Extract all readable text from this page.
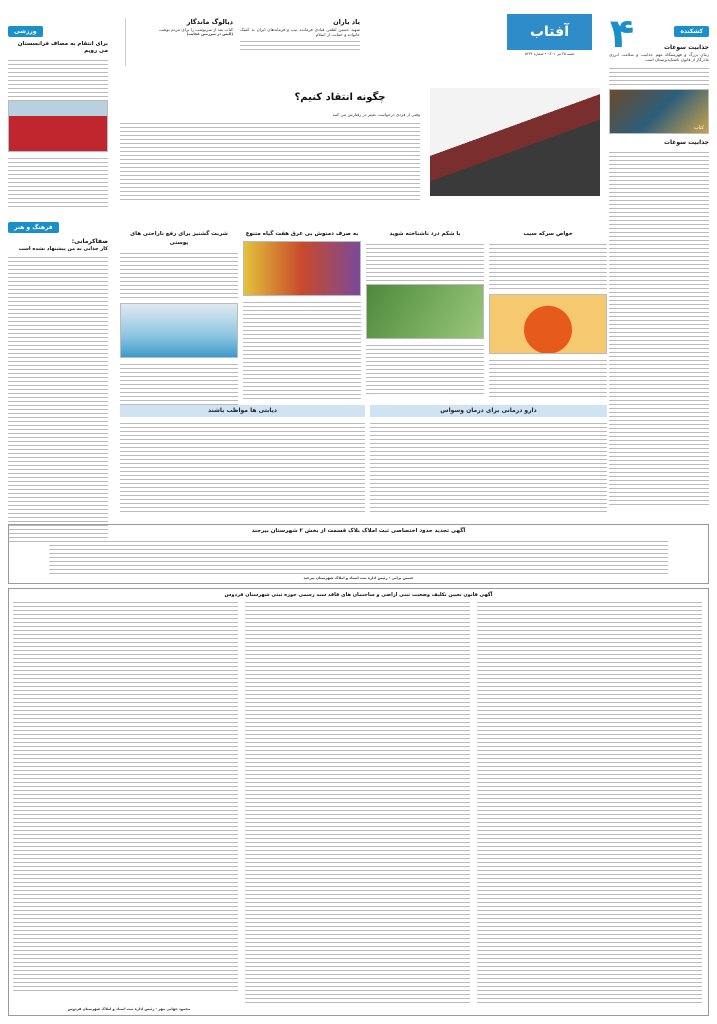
آفتاب خراسان
۴
شنبه ۲۵ تیر ۱۴۰۱ • شماره ۵۲۳۴
کشکنده
جذابیت سوغات
زمان بزرگ و فهرستگاه مهم جذابیت و سلامت انرژی مادرگار از قانون ناشناپذیرستان است
کتاب
جذابیت سوغات
ورزشی
برای انتقام به مصاف فرانسستان می رویم
فرهنگ و هنر
صفاکرمانی:
کار جذابی به من پیشنهاد نشده است
یاد یاران
شهید حسین لطفی قبادی فرمانده تیپ و فرماندهان ایران به کمیک خانواده و حمایت از اسلام
دیالوگ ماندگار
کتاب بعد از سرنوشت را برای مردم نوشت
(الیس در سرزمین عجایب)
چگونه انتقاد کنیم؟
وقتی از فردی درخواست تغییر در رفتارش می کنید
خواص سرکه سیب
با شکم درد ناشناخته شوید
به صرف دمنوش بی عرق هفت گیاه متنوع
شربت گشنیز برای رفع ناراحتی های پوستی
دارو درمانی برای درمان وسواس
دیابتی ها مواظب باشند
آگهی تجدید حدود اختصاصی ثبت املاک بلاک قسمت از بخش ۲ شهرستان بیرجند
حسین براتی - رئیس اداره ثبت اسناد و املاک شهرستان بیرجند
آگهی قانون تعیین تکلیف وضعیت ثبتی اراضی و ساختمان های فاقد سند رسمی حوزه ثبتی شهرستان فردوس
محمود جهانی مهر - رئیس اداره ثبت اسناد و املاک شهرستان فردوس
